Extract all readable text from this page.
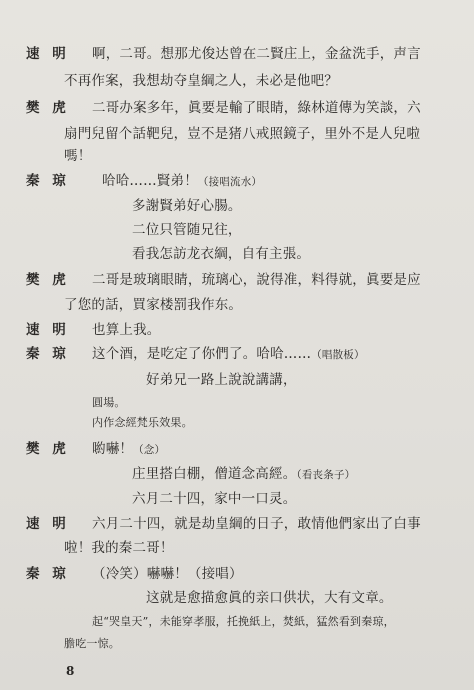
速 明 啊，二哥。想那尤俊达曾在二賢庄上，金盆洗手，声言
不再作案，我想劫夺皇綱之人，未必是他吧？
樊 虎 二哥办案多年，眞要是輸了眼睛，綠林道傳为笑談，六
扇門兒留个話靶兒，豈不是猪八戒照鏡子，里外不是人兒啦
嗎！
秦 琼 哈哈……賢弟！（接唱流水）
多謝賢弟好心腸。
二位只管随兄往，
看我怎訪龙衣綱，自有主張。
樊 虎 二哥是玻璃眼睛，琉璃心，說得准，料得就，眞要是应
了您的話，買家楼罰我作东。
速 明 也算上我。
秦 琼 这个酒，是吃定了你們了。哈哈……（唱散板）
好弟兄一路上說說講講，
圓場。
内作念經梵乐效果。
樊 虎 喲嚇！（念）
庄里搭白棚，僧道念高經。（看丧条子）
六月二十四，家中一口灵。
速 明 六月二十四，就是劫皇綱的日子，敢情他們家出了白事
啦！我的秦二哥！
秦 琼 （冷笑）嚇嚇！（接唱）
这就是愈描愈眞的亲口供状，大有文章。
起“哭皇天”，未能穿孝服，托挽紙上，焚紙，猛然看到秦琼，
膽吃一惊。
8
